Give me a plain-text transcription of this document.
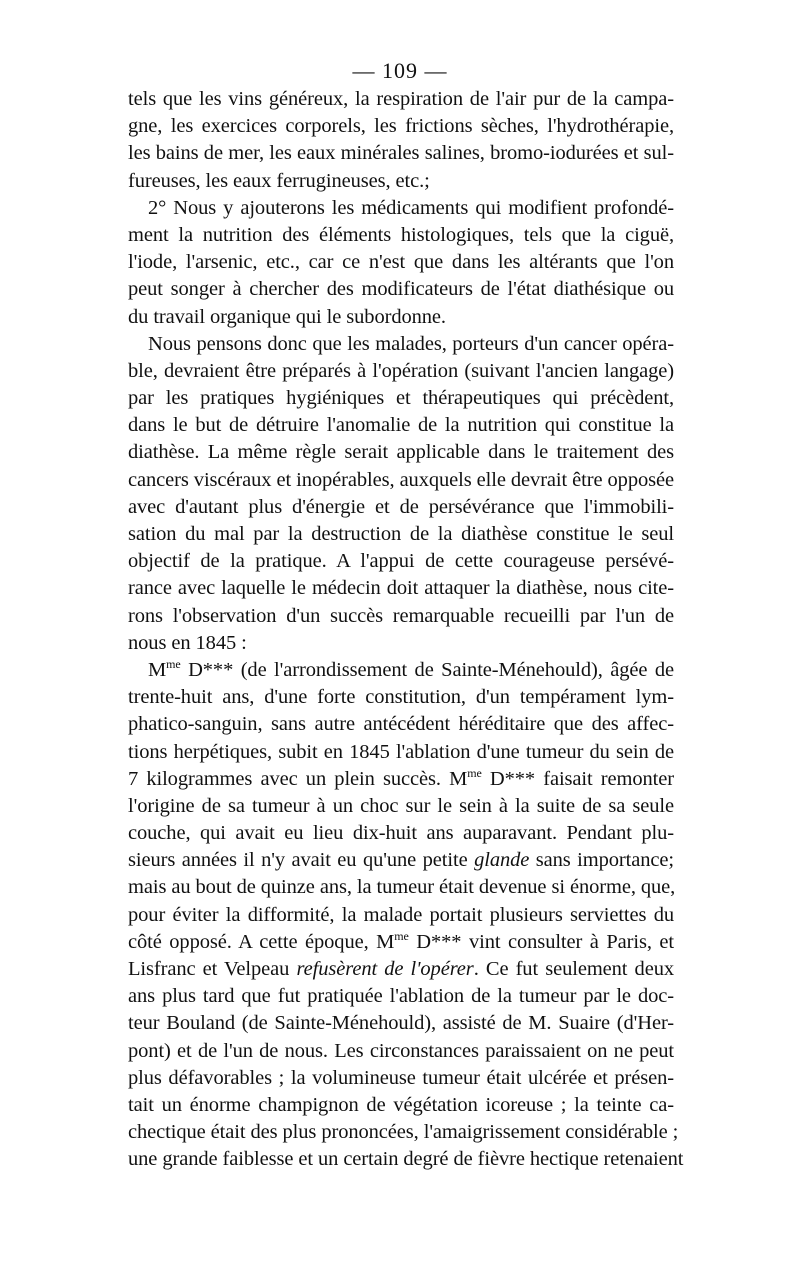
— 109 —
tels que les vins généreux, la respiration de l'air pur de la campa-
gne, les exercices corporels, les frictions sèches, l'hydrothérapie,
les bains de mer, les eaux minérales salines, bromo-iodurées et sul-
fureuses, les eaux ferrugineuses, etc.;
2° Nous y ajouterons les médicaments qui modifient profondé-
ment la nutrition des éléments histologiques, tels que la ciguë,
l'iode, l'arsenic, etc., car ce n'est que dans les altérants que l'on
peut songer à chercher des modificateurs de l'état diathésique ou
du travail organique qui le subordonne.
Nous pensons donc que les malades, porteurs d'un cancer opéra-
ble, devraient être préparés à l'opération (suivant l'ancien langage)
par les pratiques hygiéniques et thérapeutiques qui précèdent,
dans le but de détruire l'anomalie de la nutrition qui constitue la
diathèse. La même règle serait applicable dans le traitement des
cancers viscéraux et inopérables, auxquels elle devrait être opposée
avec d'autant plus d'énergie et de persévérance que l'immobili-
sation du mal par la destruction de la diathèse constitue le seul
objectif de la pratique. A l'appui de cette courageuse persévé-
rance avec laquelle le médecin doit attaquer la diathèse, nous cite-
rons l'observation d'un succès remarquable recueilli par l'un de
nous en 1845 :
$M^{me}$ D*** (de l'arrondissement de Sainte-Ménehould), âgée de
trente-huit ans, d'une forte constitution, d'un tempérament lym-
phatico-sanguin, sans autre antécédent héréditaire que des affec-
tions herpétiques, subit en 1845 l'ablation d'une tumeur du sein de
7 kilogrammes avec un plein succès. $M^{me}$ D*** faisait remonter
l'origine de sa tumeur à un choc sur le sein à la suite de sa seule
couche, qui avait eu lieu dix-huit ans auparavant. Pendant plu-
sieurs années il n'y avait eu qu'une petite glande sans importance;
mais au bout de quinze ans, la tumeur était devenue si énorme, que,
pour éviter la difformité, la malade portait plusieurs serviettes du
côté opposé. A cette époque, $M^{me}$ D*** vint consulter à Paris, et
Lisfranc et Velpeau refusèrent de l'opérer. Ce fut seulement deux
ans plus tard que fut pratiquée l'ablation de la tumeur par le doc-
teur Bouland (de Sainte-Ménehould), assisté de M. Suaire (d'Her-
pont) et de l'un de nous. Les circonstances paraissaient on ne peut
plus défavorables ; la volumineuse tumeur était ulcérée et présen-
tait un énorme champignon de végétation icoreuse ; la teinte ca-
chectique était des plus prononcées, l'amaigrissement considérable ;
une grande faiblesse et un certain degré de fièvre hectique retenaient
